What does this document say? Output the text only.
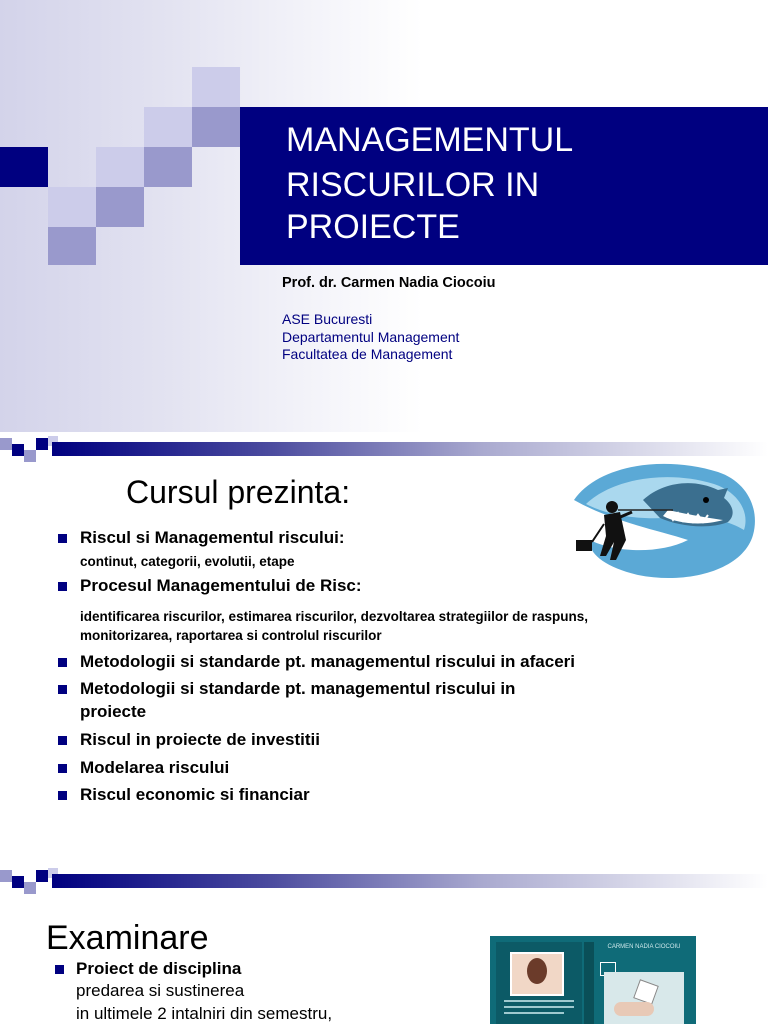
MANAGEMENTUL
RISCURILOR IN
PROIECTE
Prof. dr. Carmen Nadia Ciocoiu
ASE Bucuresti
Departamentul Management
Facultatea de Management
Cursul prezinta:
Riscul si Managementul riscului:
continut, categorii, evolutii, etape
Procesul Managementului de Risc:
identificarea riscurilor, estimarea riscurilor, dezvoltarea strategiilor de raspuns,
monitorizarea, raportarea si controlul riscurilor
Metodologii si standarde pt. managementul riscului in afaceri
Metodologii si standarde pt. managementul riscului in
proiecte
Riscul in proiecte de investitii
Modelarea riscului
Riscul economic si financiar
Examinare
Proiect de disciplina
predarea si sustinerea
in ultimele 2 intalniri din semestru,
CARMEN NADIA CIOCOIU
